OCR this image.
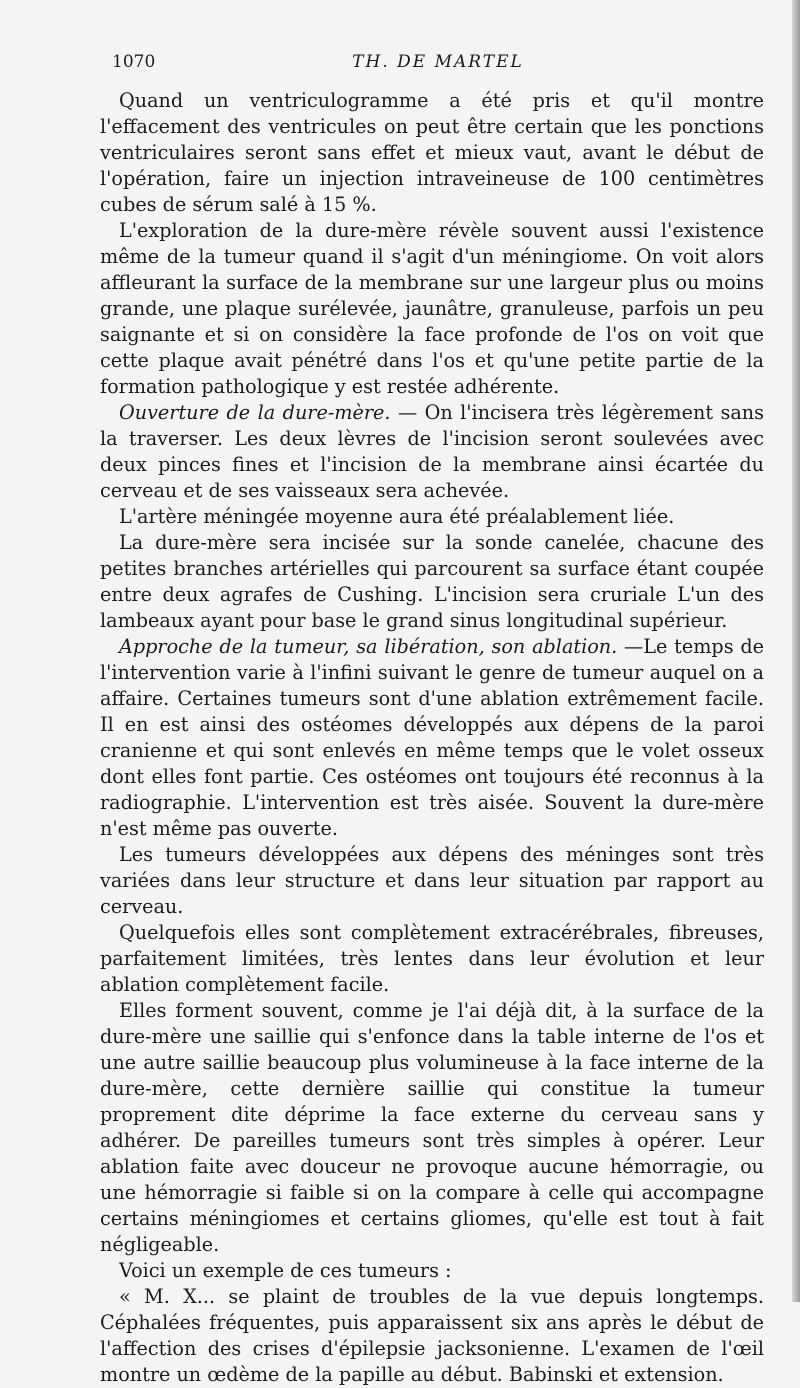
1070	TH. DE MARTEL

Quand un ventriculogramme a été pris et qu'il montre l'effacement des ventricules on peut être certain que les ponctions ventriculaires seront sans effet et mieux vaut, avant le début de l'opération, faire un injection intraveineuse de 100 centimètres cubes de sérum salé à 15 %.

L'exploration de la dure-mère révèle souvent aussi l'existence même de la tumeur quand il s'agit d'un méningiome. On voit alors affleurant la surface de la membrane sur une largeur plus ou moins grande, une plaque surélevée, jaunâtre, granuleuse, parfois un peu saignante et si on considère la face profonde de l'os on voit que cette plaque avait pénétré dans l'os et qu'une petite partie de la formation pathologique y est restée adhérente.

Ouverture de la dure-mère. — On l'incisera très légèrement sans la traverser. Les deux lèvres de l'incision seront soulevées avec deux pinces fines et l'incision de la membrane ainsi écartée du cerveau et de ses vaisseaux sera achevée.

L'artère méningée moyenne aura été préalablement liée.

La dure-mère sera incisée sur la sonde canelée, chacune des petites branches artérielles qui parcourent sa surface étant coupée entre deux agrafes de Cushing. L'incision sera cruriale L'un des lambeaux ayant pour base le grand sinus longitudinal supérieur.

Approche de la tumeur, sa libération, son ablation. —Le temps de l'intervention varie à l'infini suivant le genre de tumeur auquel on a affaire. Certaines tumeurs sont d'une ablation extrêmement facile. Il en est ainsi des ostéomes développés aux dépens de la paroi cranienne et qui sont enlevés en même temps que le volet osseux dont elles font partie. Ces ostéomes ont toujours été reconnus à la radiographie. L'intervention est très aisée. Souvent la dure-mère n'est même pas ouverte.

Les tumeurs développées aux dépens des méninges sont très variées dans leur structure et dans leur situation par rapport au cerveau.

Quelquefois elles sont complètement extracérébrales, fibreuses, parfaitement limitées, très lentes dans leur évolution et leur ablation complètement facile.

Elles forment souvent, comme je l'ai déjà dit, à la surface de la dure-mère une saillie qui s'enfonce dans la table interne de l'os et une autre saillie beaucoup plus volumineuse à la face interne de la dure-mère, cette dernière saillie qui constitue la tumeur proprement dite déprime la face externe du cerveau sans y adhérer. De pareilles tumeurs sont très simples à opérer. Leur ablation faite avec douceur ne provoque aucune hémorragie, ou une hémorragie si faible si on la compare à celle qui accompagne certains méningiomes et certains gliomes, qu'elle est tout à fait négligeable.

Voici un exemple de ces tumeurs :

« M. X... se plaint de troubles de la vue depuis longtemps. Céphalées fréquentes, puis apparaissent six ans après le début de l'affection des crises d'épilepsie jacksonienne. L'examen de l'œil montre un œdème de la papille au début. Babinski et extension.
